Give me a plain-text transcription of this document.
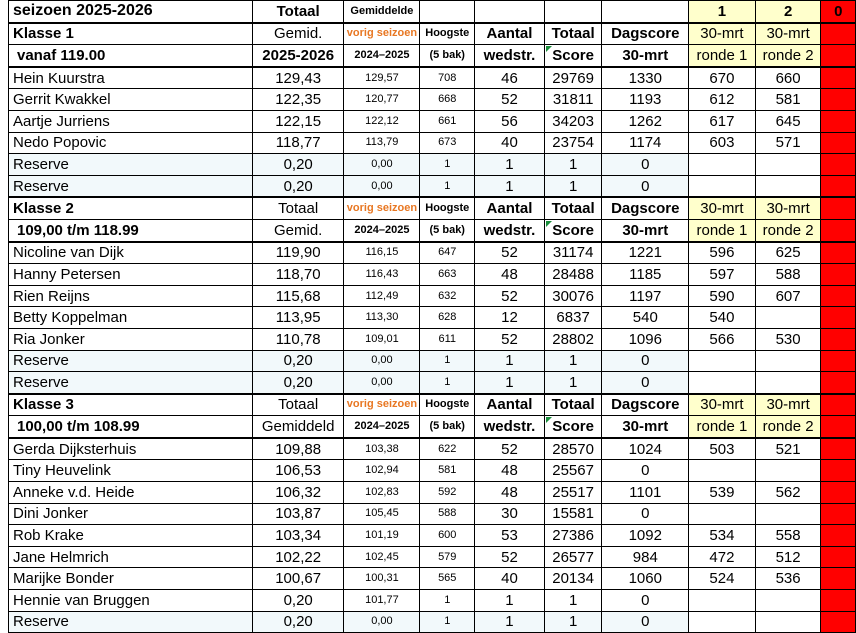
seizoen 2025-2026	Totaal	Gemiddelde					1	2	0
Klasse 1	Gemid.	vorig seizoen	Hoogste	Aantal	Totaal	Dagscore	30-mrt	30-mrt	
vanaf 119.00	2025-2026	2024–2025	(5 bak)	wedstr.	Score	30-mrt	ronde 1	ronde 2	
Hein Kuurstra	129,43	129,57	708	46	29769	1330	670	660	
Gerrit Kwakkel	122,35	120,77	668	52	31811	1193	612	581	
Aartje Jurriens	122,15	122,12	661	56	34203	1262	617	645	
Nedo Popovic	118,77	113,79	673	40	23754	1174	603	571	
Reserve	0,20	0,00	1	1	1	0			
Reserve	0,20	0,00	1	1	1	0			
Klasse 2	Totaal	vorig seizoen	Hoogste	Aantal	Totaal	Dagscore	30-mrt	30-mrt	
109,00 t/m 118.99	Gemid.	2024–2025	(5 bak)	wedstr.	Score	30-mrt	ronde 1	ronde 2	
Nicoline van Dijk	119,90	116,15	647	52	31174	1221	596	625	
Hanny Petersen	118,70	116,43	663	48	28488	1185	597	588	
Rien Reijns	115,68	112,49	632	52	30076	1197	590	607	
Betty Koppelman	113,95	113,30	628	12	6837	540	540		
Ria Jonker	110,78	109,01	611	52	28802	1096	566	530	
Reserve	0,20	0,00	1	1	1	0			
Reserve	0,20	0,00	1	1	1	0			
Klasse 3	Totaal	vorig seizoen	Hoogste	Aantal	Totaal	Dagscore	30-mrt	30-mrt	
100,00 t/m 108.99	Gemiddeld	2024–2025	(5 bak)	wedstr.	Score	30-mrt	ronde 1	ronde 2	
Gerda Dijksterhuis	109,88	103,38	622	52	28570	1024	503	521	
Tiny Heuvelink	106,53	102,94	581	48	25567	0			
Anneke v.d. Heide	106,32	102,83	592	48	25517	1101	539	562	
Dini Jonker	103,87	105,45	588	30	15581	0			
Rob Krake	103,34	101,19	600	53	27386	1092	534	558	
Jane Helmrich	102,22	102,45	579	52	26577	984	472	512	
Marijke Bonder	100,67	100,31	565	40	20134	1060	524	536	
Hennie van Bruggen	0,20	101,77	1	1	1	0			
Reserve	0,20	0,00	1	1	1	0			
